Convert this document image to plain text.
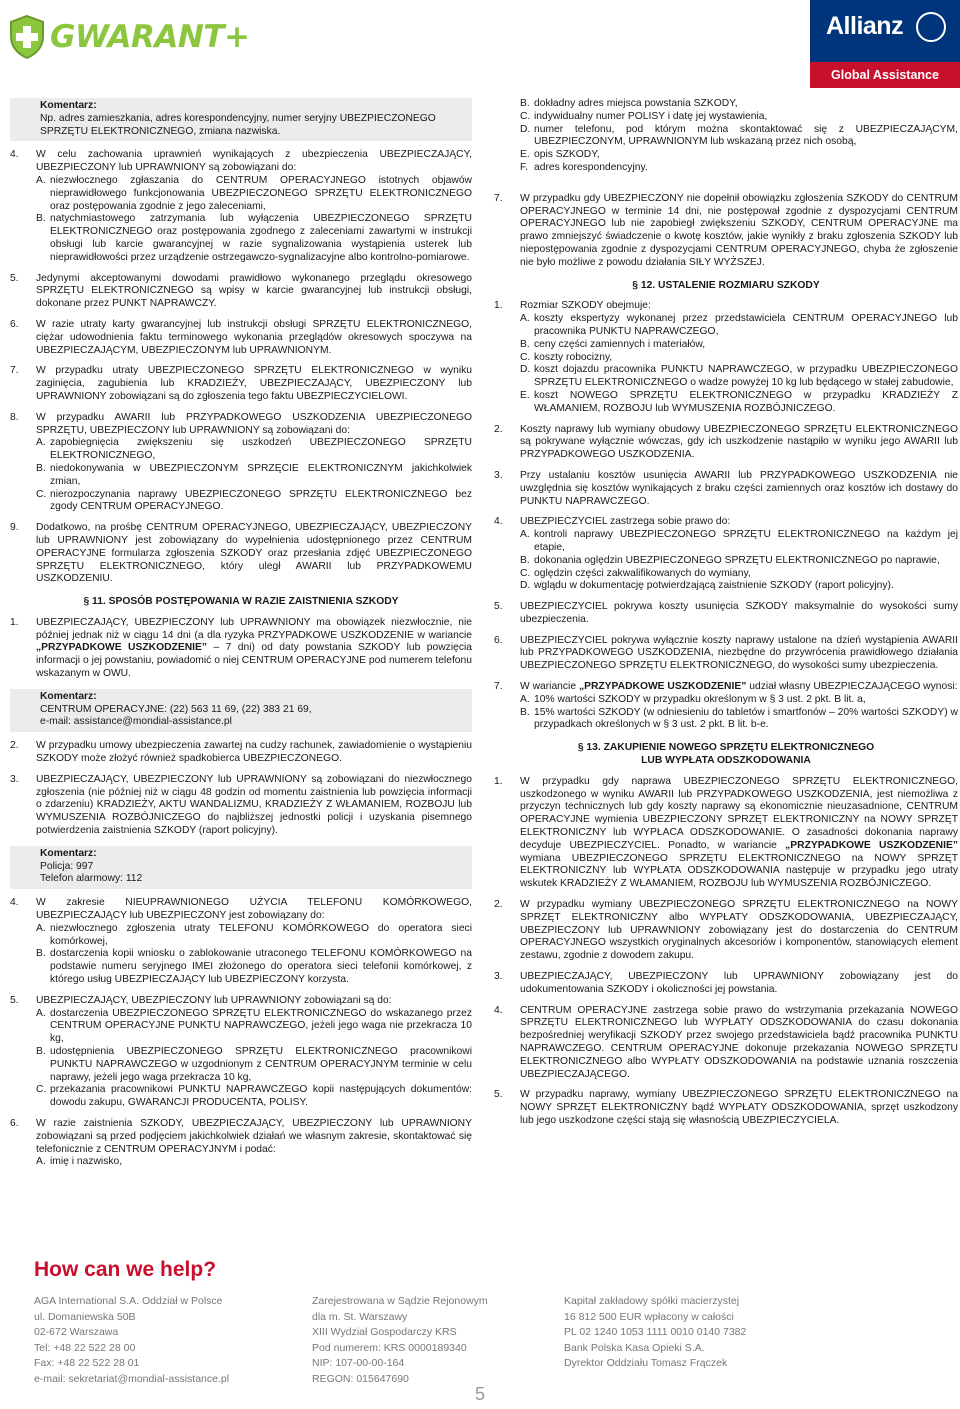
GWARANT+	Allianz
Global Assistance
Komentarz:
Np. adres zamieszkania, adres korespondencyjny, numer seryjny UBEZPIECZONEGO SPRZĘTU ELEKTRONICZNEGO, zmiana nazwiska.
4. W celu zachowania uprawnień wynikających z ubezpieczenia UBEZPIECZAJĄCY, UBEZPIECZONY lub UPRAWNIONY są zobowiązani do:
A. niezwłocznego zgłaszania do CENTRUM OPERACYJNEGO istotnych objawów nieprawidłowego funkcjonowania UBEZPIECZONEGO SPRZĘTU ELEKTRONICZNEGO oraz postępowania zgodnie z jego zaleceniami,
B. natychmiastowego zatrzymania lub wyłączenia UBEZPIECZONEGO SPRZĘTU ELEKTRONICZNEGO oraz postępowania zgodnego z zaleceniami zawartymi w instrukcji obsługi lub karcie gwarancyjnej w razie sygnalizowania wystąpienia usterek lub nieprawidłowości przez urządzenie ostrzegawczo-sygnalizacyjne albo kontrolno-pomiarowe.
5. Jedynymi akceptowanymi dowodami prawidłowo wykonanego przeglądu okresowego SPRZĘTU ELEKTRONICZNEGO są wpisy w karcie gwarancyjnej lub instrukcji obsługi, dokonane przez PUNKT NAPRAWCZY.
6. W razie utraty karty gwarancyjnej lub instrukcji obsługi SPRZĘTU ELEKTRONICZNEGO, ciężar udowodnienia faktu terminowego wykonania przeglądów okresowych spoczywa na UBEZPIECZAJĄCYM, UBEZPIECZONYM lub UPRAWNIONYM.
7. W przypadku utraty UBEZPIECZONEGO SPRZĘTU ELEKTRONICZNEGO w wyniku zaginięcia, zagubienia lub KRADZIEŻY, UBEZPIECZAJĄCY, UBEZPIECZONY lub UPRAWNIONY zobowiązani są do zgłoszenia tego faktu UBEZPIECZYCIELOWI.
8. W przypadku AWARII lub PRZYPADKOWEGO USZKODZENIA UBEZPIECZONEGO SPRZĘTU, UBEZPIECZONY lub UPRAWNIONY są zobowiązani do:
A. zapobiegnięcia zwiększeniu się uszkodzeń UBEZPIECZONEGO SPRZĘTU ELEKTRONICZNEGO,
B. niedokonywania w UBEZPIECZONYM SPRZĘCIE ELEKTRONICZNYM jakichkolwiek zmian,
C. nierozpoczynania naprawy UBEZPIECZONEGO SPRZĘTU ELEKTRONICZNEGO bez zgody CENTRUM OPERACYJNEGO.
9. Dodatkowo, na prośbę CENTRUM OPERACYJNEGO, UBEZPIECZAJĄCY, UBEZPIECZONY lub UPRAWNIONY jest zobowiązany do wypełnienia udostępnionego przez CENTRUM OPERACYJNE formularza zgłoszenia SZKODY oraz przesłania zdjęć UBEZPIECZONEGO SPRZĘTU ELEKTRONICZNEGO, który uległ AWARII lub PRZYPADKOWEMU USZKODZENIU.
§ 11. SPOSÓB POSTĘPOWANIA W RAZIE ZAISTNIENIA SZKODY
1. UBEZPIECZAJĄCY, UBEZPIECZONY lub UPRAWNIONY ma obowiązek niezwłocznie, nie później jednak niż w ciągu 14 dni (a dla ryzyka PRZYPADKOWE USZKODZENIE w wariancie „PRZYPADKOWE USZKODZENIE” – 7 dni) od daty powstania SZKODY lub powzięcia informacji o jej powstaniu, powiadomić o niej CENTRUM OPERACYJNE pod numerem telefonu wskazanym w OWU.
Komentarz:
CENTRUM OPERACYJNE: (22) 563 11 69, (22) 383 21 69,
e-mail: assistance@mondial-assistance.pl
2. W przypadku umowy ubezpieczenia zawartej na cudzy rachunek, zawiadomienie o wystąpieniu SZKODY może złożyć również spadkobierca UBEZPIECZONEGO.
3. UBEZPIECZAJĄCY, UBEZPIECZONY lub UPRAWNIONY są zobowiązani do niezwłocznego zgłoszenia (nie później niż w ciągu 48 godzin od momentu zaistnienia lub powzięcia informacji o zdarzeniu) KRADZIEŻY, AKTU WANDALIZMU, KRADZIEŻY Z WŁAMANIEM, ROZBOJU lub WYMUSZENIA ROZBÓJNICZEGO do najbliższej jednostki policji i uzyskania pisemnego potwierdzenia zaistnienia SZKODY (raport policyjny).
Komentarz:
Policja: 997
Telefon alarmowy: 112
4. W zakresie NIEUPRAWNIONEGO UŻYCIA TELEFONU KOMÓRKOWEGO, UBEZPIECZAJĄCY lub UBEZPIECZONY jest zobowiązany do:
A. niezwłocznego zgłoszenia utraty TELEFONU KOMÓRKOWEGO do operatora sieci komórkowej,
B. dostarczenia kopii wniosku o zablokowanie utraconego TELEFONU KOMÓRKOWEGO na podstawie numeru seryjnego IMEI złożonego do operatora sieci telefonii komórkowej, z którego usług UBEZPIECZAJĄCY lub UBEZPIECZONY korzysta.
5. UBEZPIECZAJĄCY, UBEZPIECZONY lub UPRAWNIONY zobowiązani są do:
A. dostarczenia UBEZPIECZONEGO SPRZĘTU ELEKTRONICZNEGO do wskazanego przez CENTRUM OPERACYJNE PUNKTU NAPRAWCZEGO, jeżeli jego waga nie przekracza 10 kg,
B. udostępnienia UBEZPIECZONEGO SPRZĘTU ELEKTRONICZNEGO pracownikowi PUNKTU NAPRAWCZEGO w uzgodnionym z CENTRUM OPERACYJNYM terminie w celu naprawy, jeżeli jego waga przekracza 10 kg,
C. przekazania pracownikowi PUNKTU NAPRAWCZEGO kopii następujących dokumentów: dowodu zakupu, GWARANCJI PRODUCENTA, POLISY.
6. W razie zaistnienia SZKODY, UBEZPIECZAJĄCY, UBEZPIECZONY lub UPRAWNIONY zobowiązani są przed podjęciem jakichkolwiek działań we własnym zakresie, skontaktować się telefonicznie z CENTRUM OPERACYJNYM i podać:
A. imię i nazwisko,
B. dokładny adres miejsca powstania SZKODY,
C. indywidualny numer POLISY i datę jej wystawienia,
D. numer telefonu, pod którym można skontaktować się z UBEZPIECZAJĄCYM, UBEZPIECZONYM, UPRAWNIONYM lub wskazaną przez nich osobą,
E. opis SZKODY,
F. adres korespondencyjny.
7. W przypadku gdy UBEZPIECZONY nie dopełnił obowiązku zgłoszenia SZKODY do CENTRUM OPERACYJNEGO w terminie 14 dni, nie postępował zgodnie z dyspozycjami CENTRUM OPERACYJNEGO lub nie zapobiegł zwiększeniu SZKODY, CENTRUM OPERACYJNE ma prawo zmniejszyć świadczenie o kwotę kosztów, jakie wynikły z braku zgłoszenia SZKODY lub niepostępowania zgodnie z dyspozycjami CENTRUM OPERACYJNEGO, chyba że zgłoszenie nie było możliwe z powodu działania SIŁY WYŻSZEJ.
§ 12. USTALENIE ROZMIARU SZKODY
1. Rozmiar SZKODY obejmuje:
A. koszty ekspertyzy wykonanej przez przedstawiciela CENTRUM OPERACYJNEGO lub pracownika PUNKTU NAPRAWCZEGO,
B. ceny części zamiennych i materiałów,
C. koszty robocizny,
D. koszt dojazdu pracownika PUNKTU NAPRAWCZEGO, w przypadku UBEZPIECZONEGO SPRZĘTU ELEKTRONICZNEGO o wadze powyżej 10 kg lub będącego w stałej zabudowie,
E. koszt NOWEGO SPRZĘTU ELEKTRONICZNEGO w przypadku KRADZIEŻY Z WŁAMANIEM, ROZBOJU lub WYMUSZENIA ROZBÓJNICZEGO.
2. Koszty naprawy lub wymiany obudowy UBEZPIECZONEGO SPRZĘTU ELEKTRONICZNEGO są pokrywane wyłącznie wówczas, gdy ich uszkodzenie nastąpiło w wyniku jego AWARII lub PRZYPADKOWEGO USZKODZENIA.
3. Przy ustalaniu kosztów usunięcia AWARII lub PRZYPADKOWEGO USZKODZENIA nie uwzględnia się kosztów wynikających z braku części zamiennych oraz kosztów ich dostawy do PUNKTU NAPRAWCZEGO.
4. UBEZPIECZYCIEL zastrzega sobie prawo do:
A. kontroli naprawy UBEZPIECZONEGO SPRZĘTU ELEKTRONICZNEGO na każdym jej etapie,
B. dokonania oględzin UBEZPIECZONEGO SPRZĘTU ELEKTRONICZNEGO po naprawie,
C. oględzin części zakwalifikowanych do wymiany,
D. wglądu w dokumentację potwierdzającą zaistnienie SZKODY (raport policyjny).
5. UBEZPIECZYCIEL pokrywa koszty usunięcia SZKODY maksymalnie do wysokości sumy ubezpieczenia.
6. UBEZPIECZYCIEL pokrywa wyłącznie koszty naprawy ustalone na dzień wystąpienia AWARII lub PRZYPADKOWEGO USZKODZENIA, niezbędne do przywrócenia prawidłowego działania UBEZPIECZONEGO SPRZĘTU ELEKTRONICZNEGO, do wysokości sumy ubezpieczenia.
7. W wariancie „PRZYPADKOWE USZKODZENIE” udział własny UBEZPIECZAJĄCEGO wynosi:
A. 10% wartości SZKODY w przypadku określonym w § 3 ust. 2 pkt. B lit. a,
B. 15% wartości SZKODY (w odniesieniu do tabletów i smartfonów – 20% wartości SZKODY) w przypadkach określonych w § 3 ust. 2 pkt. B lit. b-e.
§ 13. ZAKUPIENIE NOWEGO SPRZĘTU ELEKTRONICZNEGO
LUB WYPŁATA ODSZKODOWANIA
1. W przypadku gdy naprawa UBEZPIECZONEGO SPRZĘTU ELEKTRONICZNEGO, uszkodzonego w wyniku AWARII lub PRZYPADKOWEGO USZKODZENIA, jest niemożliwa z przyczyn technicznych lub gdy koszty naprawy są ekonomicznie nieuzasadnione, CENTRUM OPERACYJNE wymienia UBEZPIECZONY SPRZĘT ELEKTRONICZNY na NOWY SPRZĘT ELEKTRONICZNY lub WYPŁACA ODSZKODOWANIE. O zasadności dokonania naprawy decyduje UBEZPIECZYCIEL. Ponadto, w wariancie „PRZYPADKOWE USZKODZENIE” wymiana UBEZPIECZONEGO SPRZĘTU ELEKTRONICZNEGO na NOWY SPRZĘT ELEKTRONICZNY lub WYPŁATA ODSZKODOWANIA następuje w przypadku jego utraty wskutek KRADZIEŻY Z WŁAMANIEM, ROZBOJU lub WYMUSZENIA ROZBÓJNICZEGO.
2. W przypadku wymiany UBEZPIECZONEGO SPRZĘTU ELEKTRONICZNEGO na NOWY SPRZĘT ELEKTRONICZNY albo WYPŁATY ODSZKODOWANIA, UBEZPIECZAJĄCY, UBEZPIECZONY lub UPRAWNIONY zobowiązany jest do dostarczenia do CENTRUM OPERACYJNEGO wszystkich oryginalnych akcesoriów i komponentów, stanowiących element zestawu, zgodnie z dowodem zakupu.
3. UBEZPIECZAJĄCY, UBEZPIECZONY lub UPRAWNIONY zobowiązany jest do udokumentowania SZKODY i okoliczności jej powstania.
4. CENTRUM OPERACYJNE zastrzega sobie prawo do wstrzymania przekazania NOWEGO SPRZĘTU ELEKTRONICZNEGO lub WYPŁATY ODSZKODOWANIA do czasu dokonania bezpośredniej weryfikacji SZKODY przez swojego przedstawiciela bądź pracownika PUNKTU NAPRAWCZEGO. CENTRUM OPERACYJNE dokonuje przekazania NOWEGO SPRZĘTU ELEKTRONICZNEGO albo WYPŁATY ODSZKODOWANIA na podstawie uznania roszczenia UBEZPIECZAJĄCEGO.
5. W przypadku naprawy, wymiany UBEZPIECZONEGO SPRZĘTU ELEKTRONICZNEGO na NOWY SPRZĘT ELEKTRONICZNY bądź WYPŁATY ODSZKODOWANIA, sprzęt uszkodzony lub jego uszkodzone części stają się własnością UBEZPIECZYCIELA.
How can we help?
AGA International S.A. Oddział w Polsce
ul. Domaniewska 50B
02-672 Warszawa
Tel: +48 22 522 28 00
Fax: +48 22 522 28 01
e-mail: sekretariat@mondial-assistance.pl
Zarejestrowana w Sądzie Rejonowym
dla m. St. Warszawy
XIII Wydział Gospodarczy KRS
Pod numerem: KRS 0000189340
NIP: 107-00-00-164
REGON: 015647690
Kapitał zakładowy spółki macierzystej
16 812 500 EUR wpłacony w całości
PL 02 1240 1053 1111 0010 0140 7382
Bank Polska Kasa Opieki S.A.
Dyrektor Oddziału Tomasz Frączek
5
